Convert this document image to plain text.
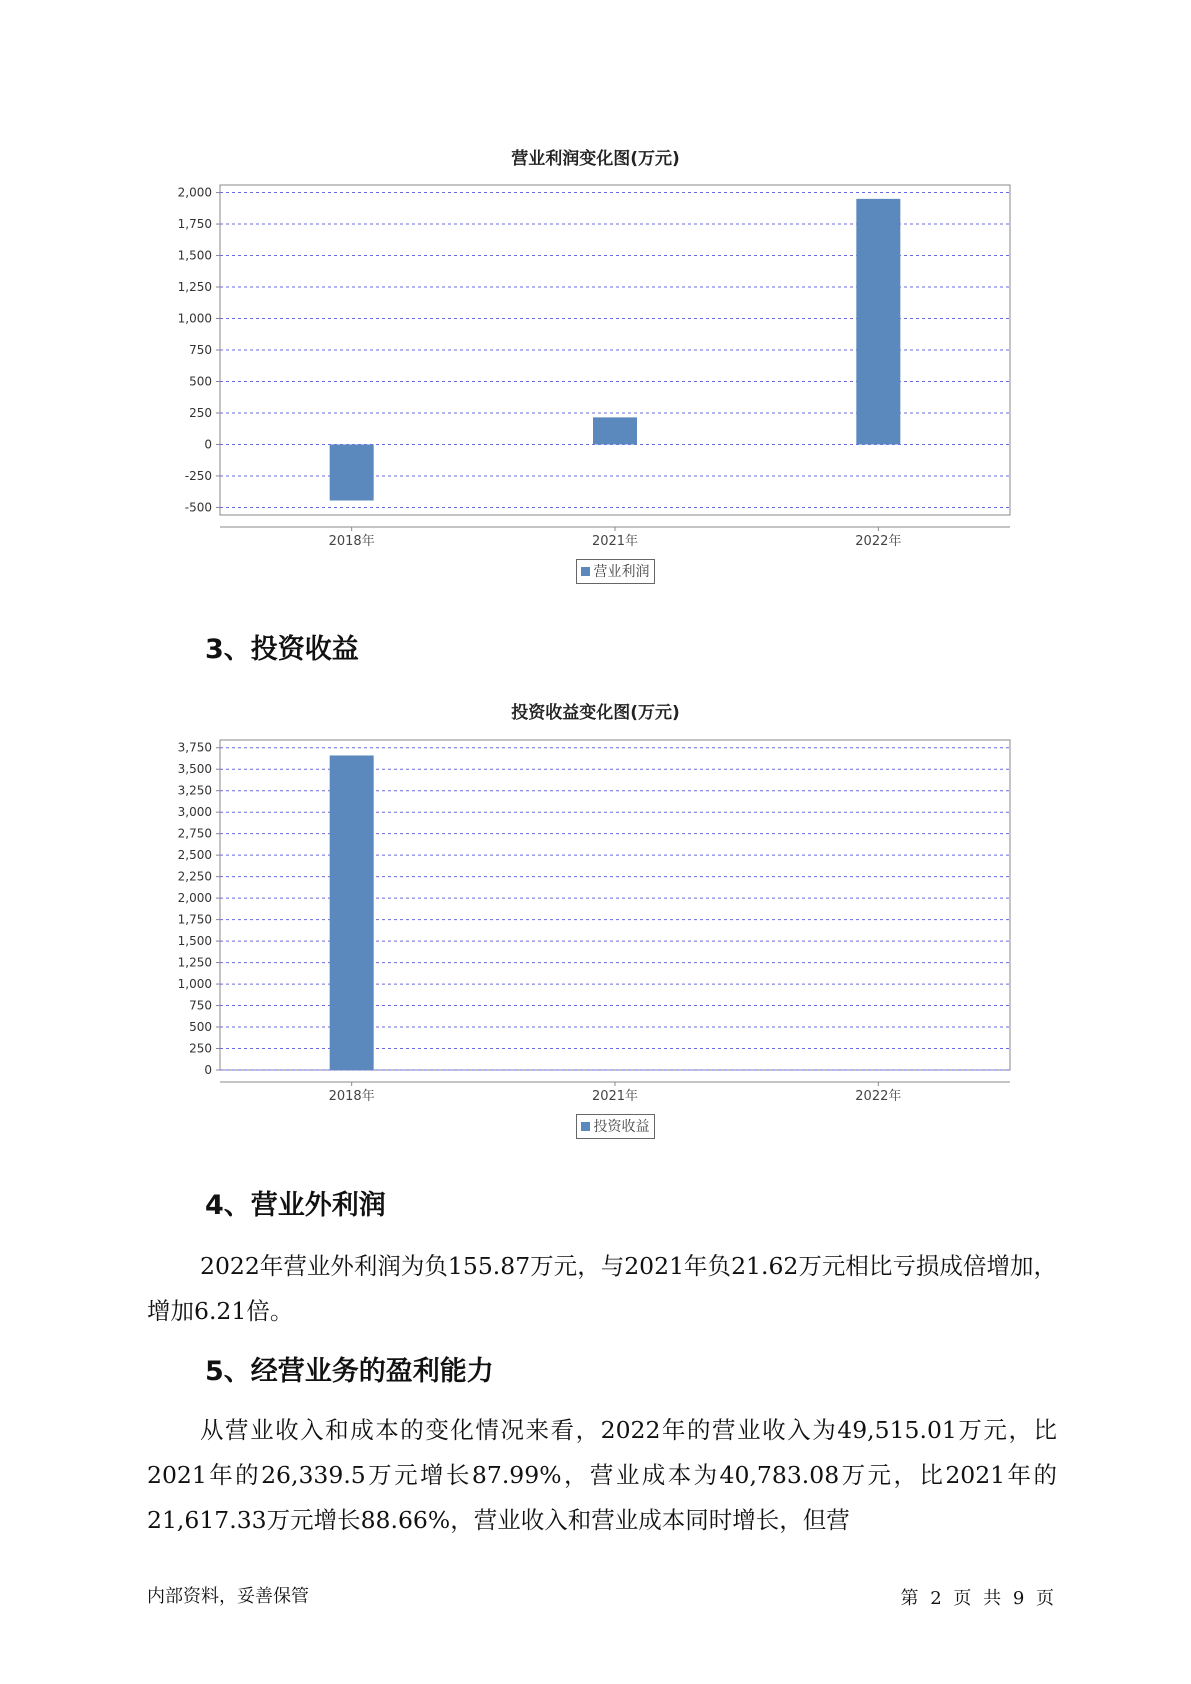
营业利润变化图(万元)
-500
-250
0
250
500
750
1,000
1,250
1,500
1,750
2,000
2018年	2021年	2022年
营业利润
3、投资收益
投资收益变化图(万元)
0
250
500
750
1,000
1,250
1,500
1,750
2,000
2,250
2,500
2,750
3,000
3,250
3,500
3,750
2018年	2021年	2022年
投资收益
4、营业外利润
2022年营业外利润为负155.87万元，与2021年负21.62万元相比亏损成倍增加，增加6.21倍。
5、经营业务的盈利能力
从营业收入和成本的变化情况来看，2022年的营业收入为49,515.01万元，比2021年的26,339.5万元增长87.99%，营业成本为40,783.08万元，比2021年的21,617.33万元增长88.66%，营业收入和营业成本同时增长，但营
内部资料，妥善保管	第 2 页 共 9 页
